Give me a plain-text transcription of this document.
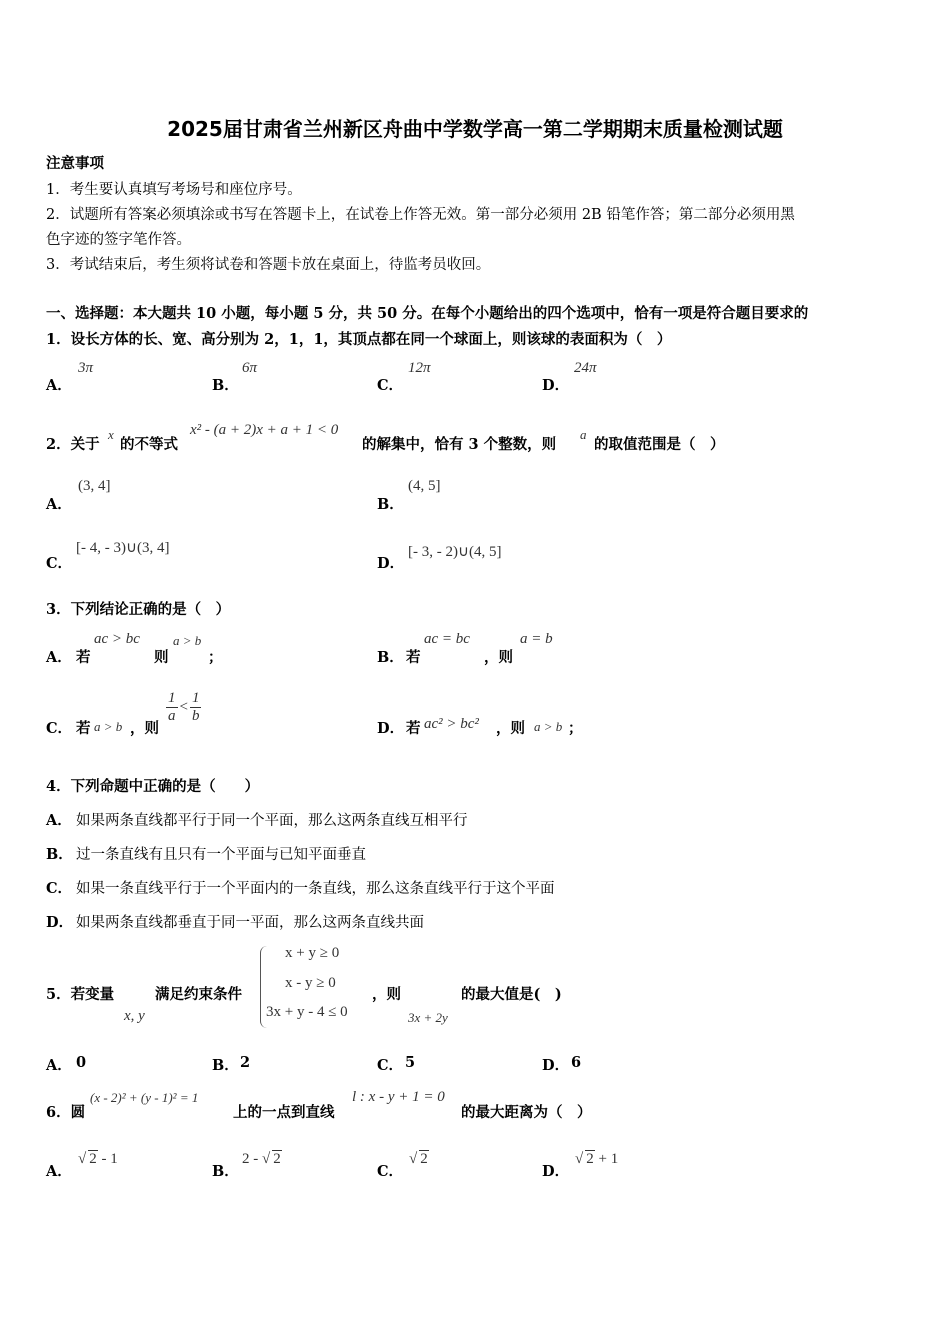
2025届甘肃省兰州新区舟曲中学数学高一第二学期期末质量检测试题
注意事项
1．考生要认真填写考场号和座位序号。
2．试题所有答案必须填涂或书写在答题卡上，在试卷上作答无效。第一部分必须用 2B 铅笔作答；第二部分必须用黑
色字迹的签字笔作答。
3．考试结束后，考生须将试卷和答题卡放在桌面上，待监考员收回。
一、选择题：本大题共 10 小题，每小题 5 分，共 50 分。在每个小题给出的四个选项中，恰有一项是符合题目要求的
1．设长方体的长、宽、高分别为 2，1，1，其顶点都在同一个球面上，则该球的表面积为（　）
A．
3π
B．
6π
C．
12π
D．
24π
2．关于
x
的不等式
x² - (a + 2)x + a + 1 < 0
的解集中，恰有 3 个整数，则
a
的取值范围是（　）
A．
(3, 4]
B．
(4, 5]
C．
[- 4, - 3)∪(3, 4]
D．
[- 3, - 2)∪(4, 5]
3．下列结论正确的是（　）
A． 若
ac > bc
则
a > b
；	B． 若
ac = bc
，则
a = b
C． 若 a > b ，则
$\frac{1}{a} < \frac{1}{b}$
D． 若 ac² > bc² ，则 a > b ；
4．下列命题中正确的是（　　）
A． 如果两条直线都平行于同一个平面，那么这两条直线互相平行
B． 过一条直线有且只有一个平面与已知平面垂直
C． 如果一条直线平行于一个平面内的一条直线，那么这条直线平行于这个平面
D． 如果两条直线都垂直于同一平面，那么这两条直线共面
5．若变量
x, y
满足约束条件
x + y ≥ 0
x - y ≥ 0
3x + y - 4 ≤ 0
，则
3x + 2y
的最大值是(　)
A． 0	B． 2	C． 5	D． 6
6．圆
(x - 2)² + (y - 1)² = 1
上的一点到直线
l : x - y + 1 = 0
的最大距离为（　）
A．
√ 2 - 1
B．
2 - √ 2
C．
√ 2
D．
√ 2 + 1
